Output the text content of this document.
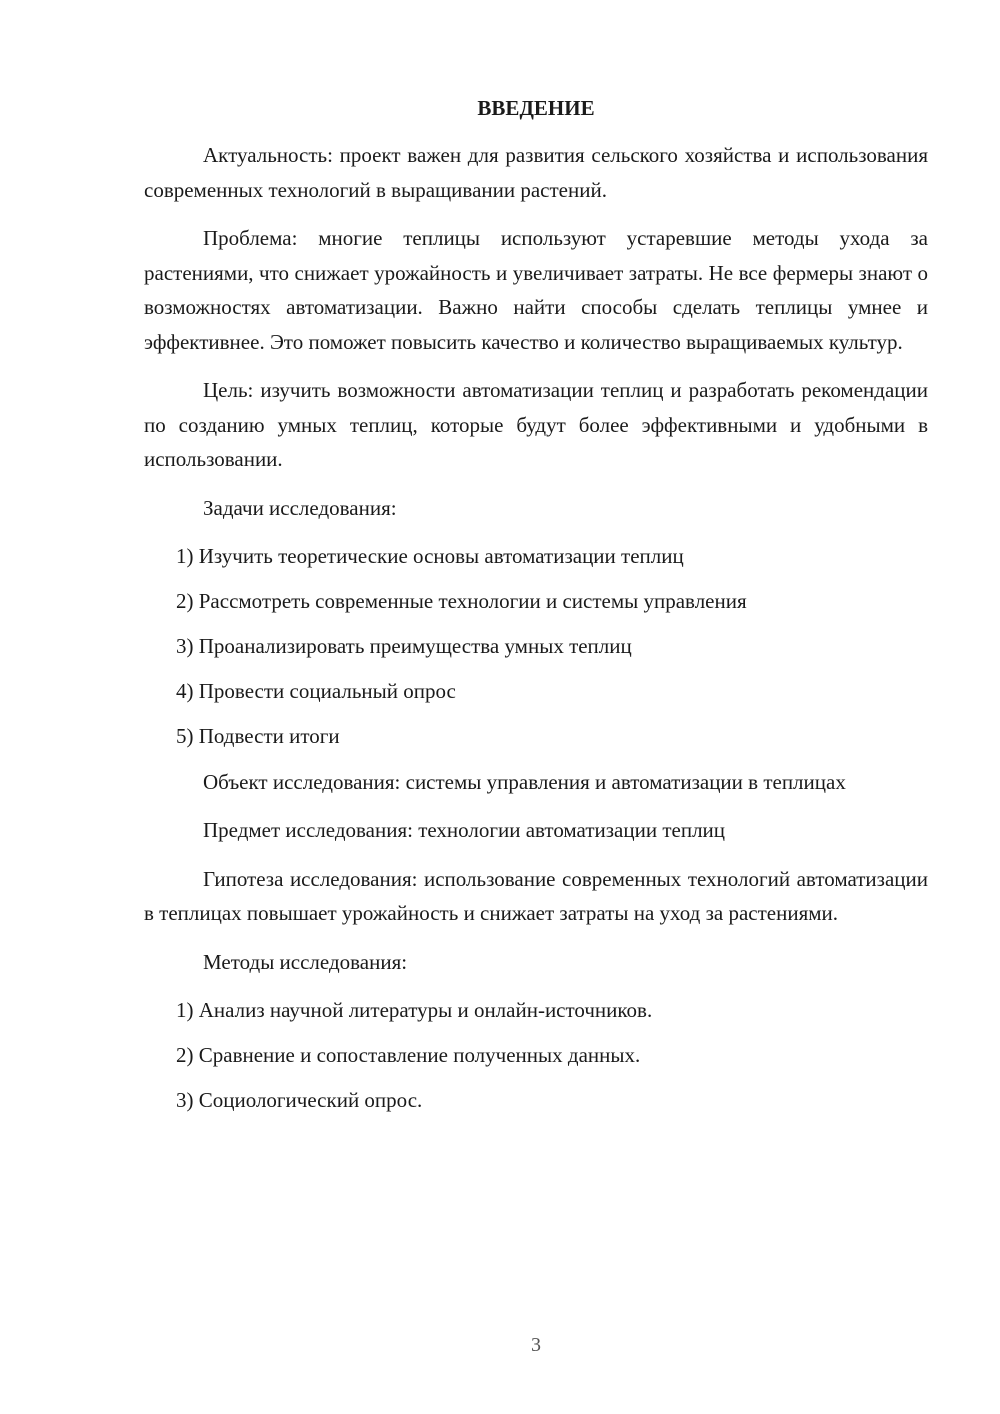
ВВЕДЕНИЕ

Актуальность: проект важен для развития сельского хозяйства и использования современных технологий в выращивании растений.

Проблема: многие теплицы используют устаревшие методы ухода за растениями, что снижает урожайность и увеличивает затраты. Не все фермеры знают о возможностях автоматизации. Важно найти способы сделать теплицы умнее и эффективнее. Это поможет повысить качество и количество выращиваемых культур.

Цель: изучить возможности автоматизации теплиц и разработать рекомендации по созданию умных теплиц, которые будут более эффективными и удобными в использовании.

Задачи исследования:

1) Изучить теоретические основы автоматизации теплиц
2) Рассмотреть современные технологии и системы управления
3) Проанализировать преимущества умных теплиц
4) Провести социальный опрос
5) Подвести итоги

Объект исследования: системы управления и автоматизации в теплицах

Предмет исследования: технологии автоматизации теплиц

Гипотеза исследования: использование современных технологий автоматизации в теплицах повышает урожайность и снижает затраты на уход за растениями.

Методы исследования:

1) Анализ научной литературы и онлайн-источников.
2) Сравнение и сопоставление полученных данных.
3) Социологический опрос.
3
